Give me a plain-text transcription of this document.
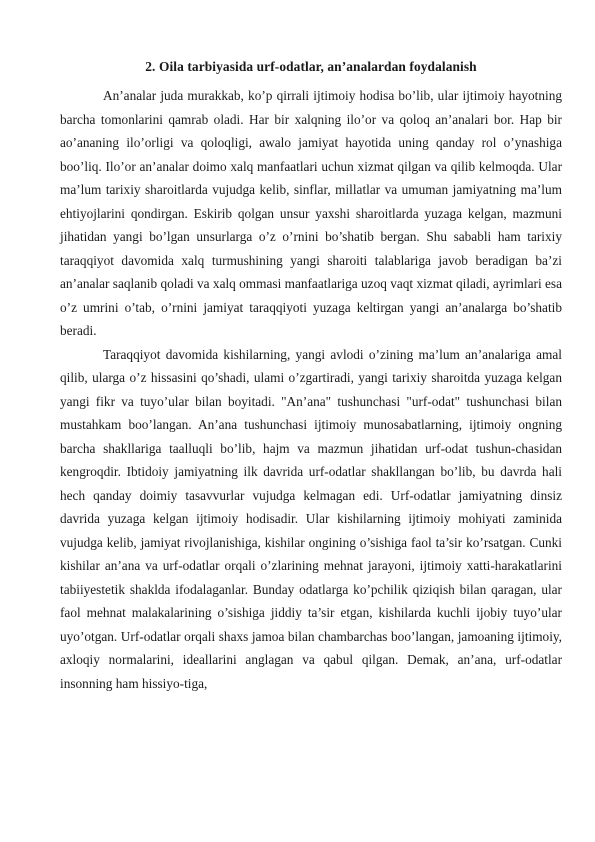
2. Oila tarbiyasida urf-odatlar, an’analardan foydalanish

An’analar juda murakkab, ko’p qirrali ijtimoiy hodisa bo’lib, ular ijtimoiy hayotning barcha tomonlarini qamrab oladi. Har bir xalqning ilo’or va qoloq an’analari bor. Hap bir ao’ananing ilo’orligi va qoloqligi, awalo jamiyat hayotida uning qanday rol o’ynashiga boo’liq. Ilo’or an’analar doimo xalq manfaatlari uchun xizmat qilgan va qilib kelmoqda. Ular ma’lum tarixiy sharoitlarda vujudga kelib, sinflar, millatlar va umuman jamiyatning ma’lum ehtiyojlarini qondirgan. Eskirib qolgan unsur yaxshi sharoitlarda yuzaga kelgan, mazmuni jihatidan yangi bo’lgan unsurlarga o’z o’rnini bo’shatib bergan. Shu sababli ham tarixiy taraqqiyot davomida xalq turmushining yangi sharoiti talablariga javob beradigan ba’zi an’analar saqlanib qoladi va xalq ommasi manfaatlariga uzoq vaqt xizmat qiladi, ayrimlari esa o’z umrini o’tab, o’rnini jamiyat taraqqiyoti yuzaga keltirgan yangi an’analarga bo’shatib beradi.

Taraqqiyot davomida kishilarning, yangi avlodi o’zining ma’lum an’analariga amal qilib, ularga o’z hissasini qo’shadi, ulami o’zgartiradi, yangi tarixiy sharoitda yuzaga kelgan yangi fikr va tuyo’ular bilan boyitadi. "An’ana" tushunchasi "urf-odat" tushunchasi bilan mustahkam boo’langan. An’ana tushunchasi ijtimoiy munosabatlarning, ijtimoiy ongning barcha shakllariga taalluqli bo’lib, hajm va mazmun jihatidan urf-odat tushun-chasidan kengroqdir. Ibtidoiy jamiyatning ilk davrida urf-odatlar shakllangan bo’lib, bu davrda hali hech qanday doimiy tasavvurlar vujudga kelmagan edi. Urf-odatlar jamiyatning dinsiz davrida yuzaga kelgan ijtimoiy hodisadir. Ular kishilarning ijtimoiy mohiyati zaminida vujudga kelib, jamiyat rivojlanishiga, kishilar ongining o’sishiga faol ta’sir ko’rsatgan. Cunki kishilar an’ana va urf-odatlar orqali o’zlarining mehnat jarayoni, ijtimoiy xatti-harakatlarini tabiiyestetik shaklda ifodalaganlar. Bunday odatlarga ko’pchilik qiziqish bilan qaragan, ular faol mehnat malakalarining o’sishiga jiddiy ta’sir etgan, kishilarda kuchli ijobiy tuyo’ular uyo’otgan. Urf-odatlar orqali shaxs jamoa bilan chambarchas boo’langan, jamoaning ijtimoiy, axloqiy normalarini, ideallarini anglagan va qabul qilgan. Demak, an’ana, urf-odatlar insonning ham hissiyo-tiga,
